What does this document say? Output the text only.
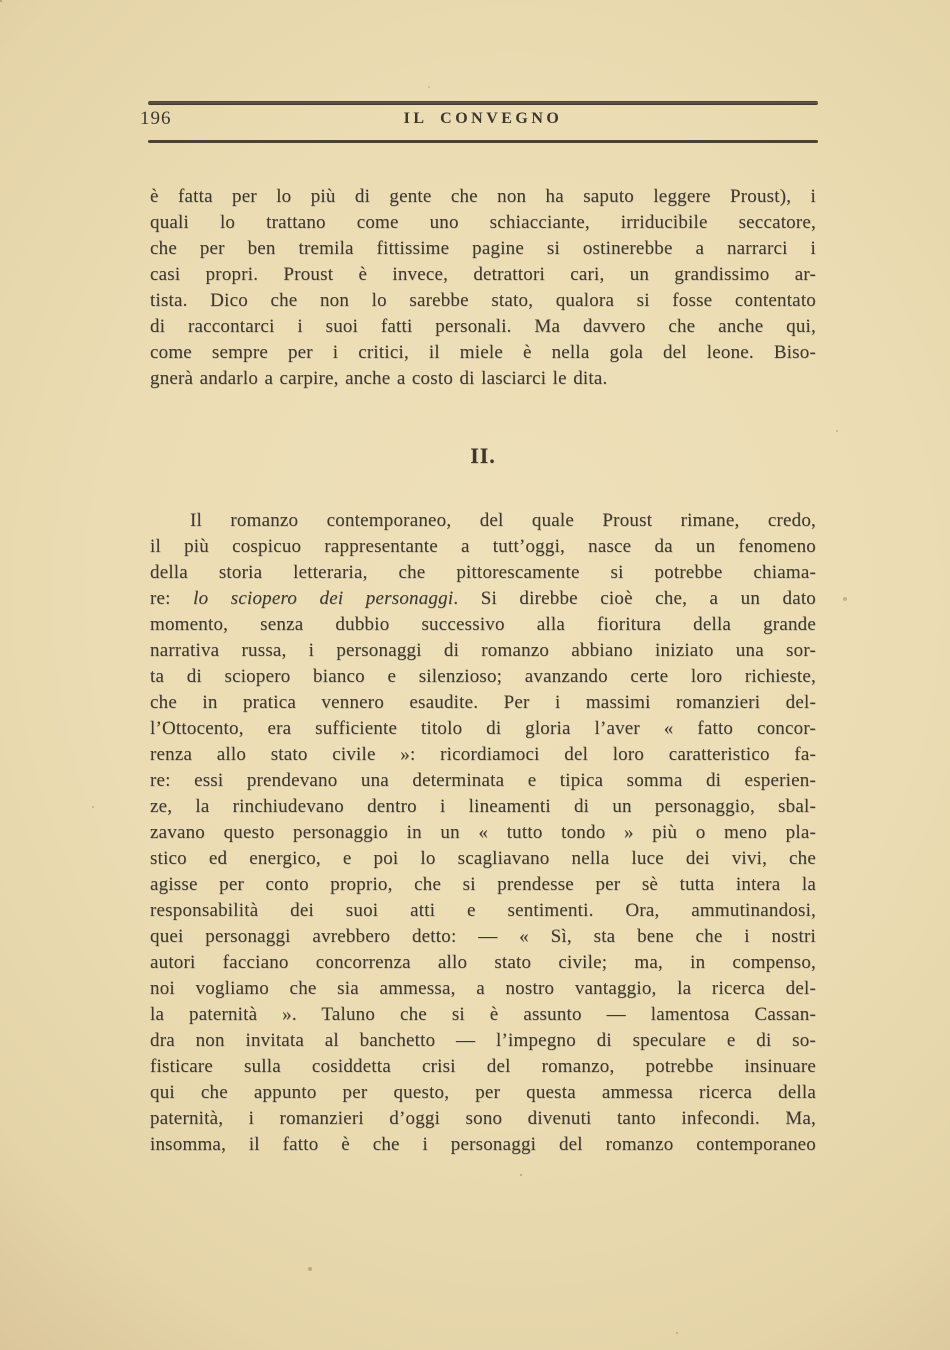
196	IL CONVEGNO
è fatta per lo più di gente che non ha saputo leggere Proust), i
quali lo trattano come uno schiacciante, irriducibile seccatore,
che per ben tremila fittissime pagine si ostinerebbe a narrarci i
casi propri. Proust è invece, detrattori cari, un grandissimo ar-
tista. Dico che non lo sarebbe stato, qualora si fosse contentato
di raccontarci i suoi fatti personali. Ma davvero che anche qui,
come sempre per i critici, il miele è nella gola del leone. Biso-
gnerà andarlo a carpire, anche a costo di lasciarci le dita.
II.
Il romanzo contemporaneo, del quale Proust rimane, credo,
il più cospicuo rappresentante a tutt’oggi, nasce da un fenomeno
della storia letteraria, che pittorescamente si potrebbe chiama-
re: lo sciopero dei personaggi. Si direbbe cioè che, a un dato
momento, senza dubbio successivo alla fioritura della grande
narrativa russa, i personaggi di romanzo abbiano iniziato una sor-
ta di sciopero bianco e silenzioso; avanzando certe loro richieste,
che in pratica vennero esaudite. Per i massimi romanzieri del-
l’Ottocento, era sufficiente titolo di gloria l’aver « fatto concor-
renza allo stato civile »: ricordiamoci del loro caratteristico fa-
re: essi prendevano una determinata e tipica somma di esperien-
ze, la rinchiudevano dentro i lineamenti di un personaggio, sbal-
zavano questo personaggio in un « tutto tondo » più o meno pla-
stico ed energico, e poi lo scagliavano nella luce dei vivi, che
agisse per conto proprio, che si prendesse per sè tutta intera la
responsabilità dei suoi atti e sentimenti. Ora, ammutinandosi,
quei personaggi avrebbero detto: — « Sì, sta bene che i nostri
autori facciano concorrenza allo stato civile; ma, in compenso,
noi vogliamo che sia ammessa, a nostro vantaggio, la ricerca del-
la paternità ». Taluno che si è assunto — lamentosa Cassan-
dra non invitata al banchetto — l’impegno di speculare e di so-
fisticare sulla cosiddetta crisi del romanzo, potrebbe insinuare
qui che appunto per questo, per questa ammessa ricerca della
paternità, i romanzieri d’oggi sono divenuti tanto infecondi. Ma,
insomma, il fatto è che i personaggi del romanzo contemporaneo
